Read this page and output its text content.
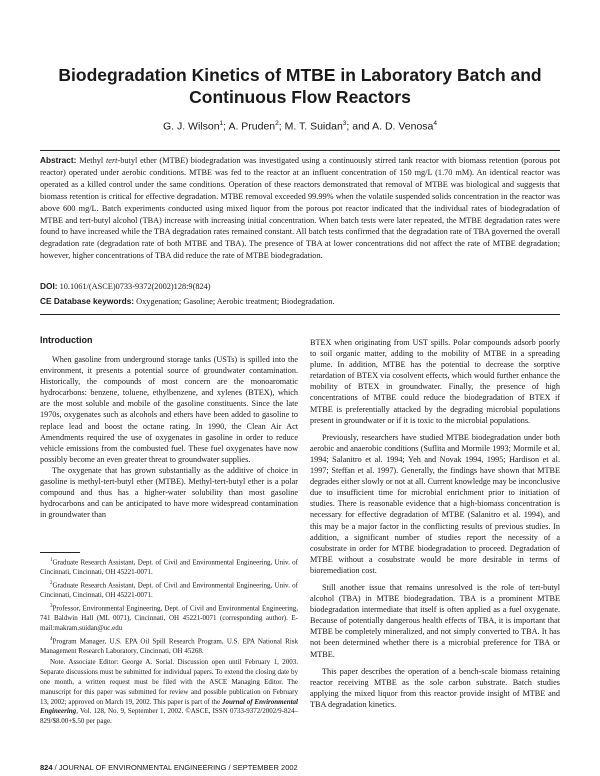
Biodegradation Kinetics of MTBE in Laboratory Batch and Continuous Flow Reactors

G. J. Wilson$^1$; A. Pruden$^2$; M. T. Suidan$^3$; and A. D. Venosa$^4$

Abstract: Methyl tert-butyl ether (MTBE) biodegradation was investigated using a continuously stirred tank reactor with biomass retention (porous pot reactor) operated under aerobic conditions. MTBE was fed to the reactor at an influent concentration of 150 mg/L (1.70 mM). An identical reactor was operated as a killed control under the same conditions. Operation of these reactors demonstrated that removal of MTBE was biological and suggests that biomass retention is critical for effective degradation. MTBE removal exceeded 99.99% when the volatile suspended solids concentration in the reactor was above 600 mg/L. Batch experiments conducted using mixed liquor from the porous pot reactor indicated that the individual rates of biodegradation of MTBE and tert-butyl alcohol (TBA) increase with increasing initial concentration. When batch tests were later repeated, the MTBE degradation rates were found to have increased while the TBA degradation rates remained constant. All batch tests confirmed that the degradation rate of TBA governed the overall degradation rate (degradation rate of both MTBE and TBA). The presence of TBA at lower concentrations did not affect the rate of MTBE degradation; however, higher concentrations of TBA did reduce the rate of MTBE biodegradation.

DOI: 10.1061/(ASCE)0733-9372(2002)128:9(824)

CE Database keywords: Oxygenation; Gasoline; Aerobic treatment; Biodegradation.

Introduction

When gasoline from underground storage tanks (USTs) is spilled into the environment, it presents a potential source of groundwater contamination. Historically, the compounds of most concern are the monoaromatic hydrocarbons: benzene, toluene, ethylbenzene, and xylenes (BTEX), which are the most soluble and mobile of the gasoline constituents. Since the late 1970s, oxygenates such as alcohols and ethers have been added to gasoline to replace lead and boost the octane rating. In 1990, the Clean Air Act Amendments required the use of oxygenates in gasoline in order to reduce vehicle emissions from the combusted fuel. These fuel oxygenates have now possibly become an even greater threat to groundwater supplies.

The oxygenate that has grown substantially as the additive of choice in gasoline is methyl-tert-butyl ether (MTBE). Methyl-tert-butyl ether is a polar compound and thus has a higher-water solubility than most gasoline hydrocarbons and can be anticipated to have more widespread contamination in groundwater than

$^1$Graduate Research Assistant, Dept. of Civil and Environmental Engineering, Univ. of Cincinnati, Cincinnati, OH 45221-0071.

$^2$Graduate Research Assistant, Dept. of Civil and Environmental Engineering, Univ. of Cincinnati, Cincinnati, OH 45221-0071.

$^3$Professor, Environmental Engineering, Dept. of Civil and Environmental Engineering, 741 Baldwin Hall (ML 0071), Cincinnati, OH 45221-0071 (corresponding author). E-mail:makram.suidan@uc.edu

$^4$Program Manager, U.S. EPA Oil Spill Research Program, U.S. EPA National Risk Management Research Laboratory, Cincinnati, OH 45268.

Note. Associate Editor: George A. Sorial. Discussion open until February 1, 2003. Separate discussions must be submitted for individual papers. To extend the closing date by one month, a written request must be filed with the ASCE Managing Editor. The manuscript for this paper was submitted for review and possible publication on February 13, 2002; approved on March 19, 2002. This paper is part of the Journal of Environmental Engineering, Vol. 128, No. 9, September 1, 2002. ©ASCE, ISSN 0733-9372/2002/9-824–829/$8.00+$.50 per page.

BTEX when originating from UST spills. Polar compounds adsorb poorly to soil organic matter, adding to the mobility of MTBE in a spreading plume. In addition, MTBE has the potential to decrease the sorptive retardation of BTEX via cosolvent effects, which would further enhance the mobility of BTEX in groundwater. Finally, the presence of high concentrations of MTBE could reduce the biodegradation of BTEX if MTBE is preferentially attacked by the degrading microbial populations present in groundwater or if it is toxic to the microbial populations.

Previously, researchers have studied MTBE biodegradation under both aerobic and anaerobic conditions (Suflita and Mormile 1993; Mormile et al. 1994; Salanitro et al. 1994; Yeh and Novak 1994, 1995; Hardison et al. 1997; Steffan et al. 1997). Generally, the findings have shown that MTBE degrades either slowly or not at all. Current knowledge may be inconclusive due to insufficient time for microbial enrichment prior to initiation of studies. There is reasonable evidence that a high-biomass concentration is necessary for effective degradation of MTBE (Salanitro et al. 1994), and this may be a major factor in the conflicting results of previous studies. In addition, a significant number of studies report the necessity of a cosubstrate in order for MTBE biodegradation to proceed. Degradation of MTBE without a cosubstrate would be more desirable in terms of bioremediation cost.

Still another issue that remains unresolved is the role of tert-butyl alcohol (TBA) in MTBE biodegradation. TBA is a prominent MTBE biodegradation intermediate that itself is often applied as a fuel oxygenate. Because of potentially dangerous health effects of TBA, it is important that MTBE be completely mineralized, and not simply converted to TBA. It has not been determined whether there is a microbial preference for TBA or MTBE.

This paper describes the operation of a bench-scale biomass retaining reactor receiving MTBE as the sole carbon substrate. Batch studies applying the mixed liquor from this reactor provide insight of MTBE and TBA degradation kinetics.

824 / JOURNAL OF ENVIRONMENTAL ENGINEERING / SEPTEMBER 2002
